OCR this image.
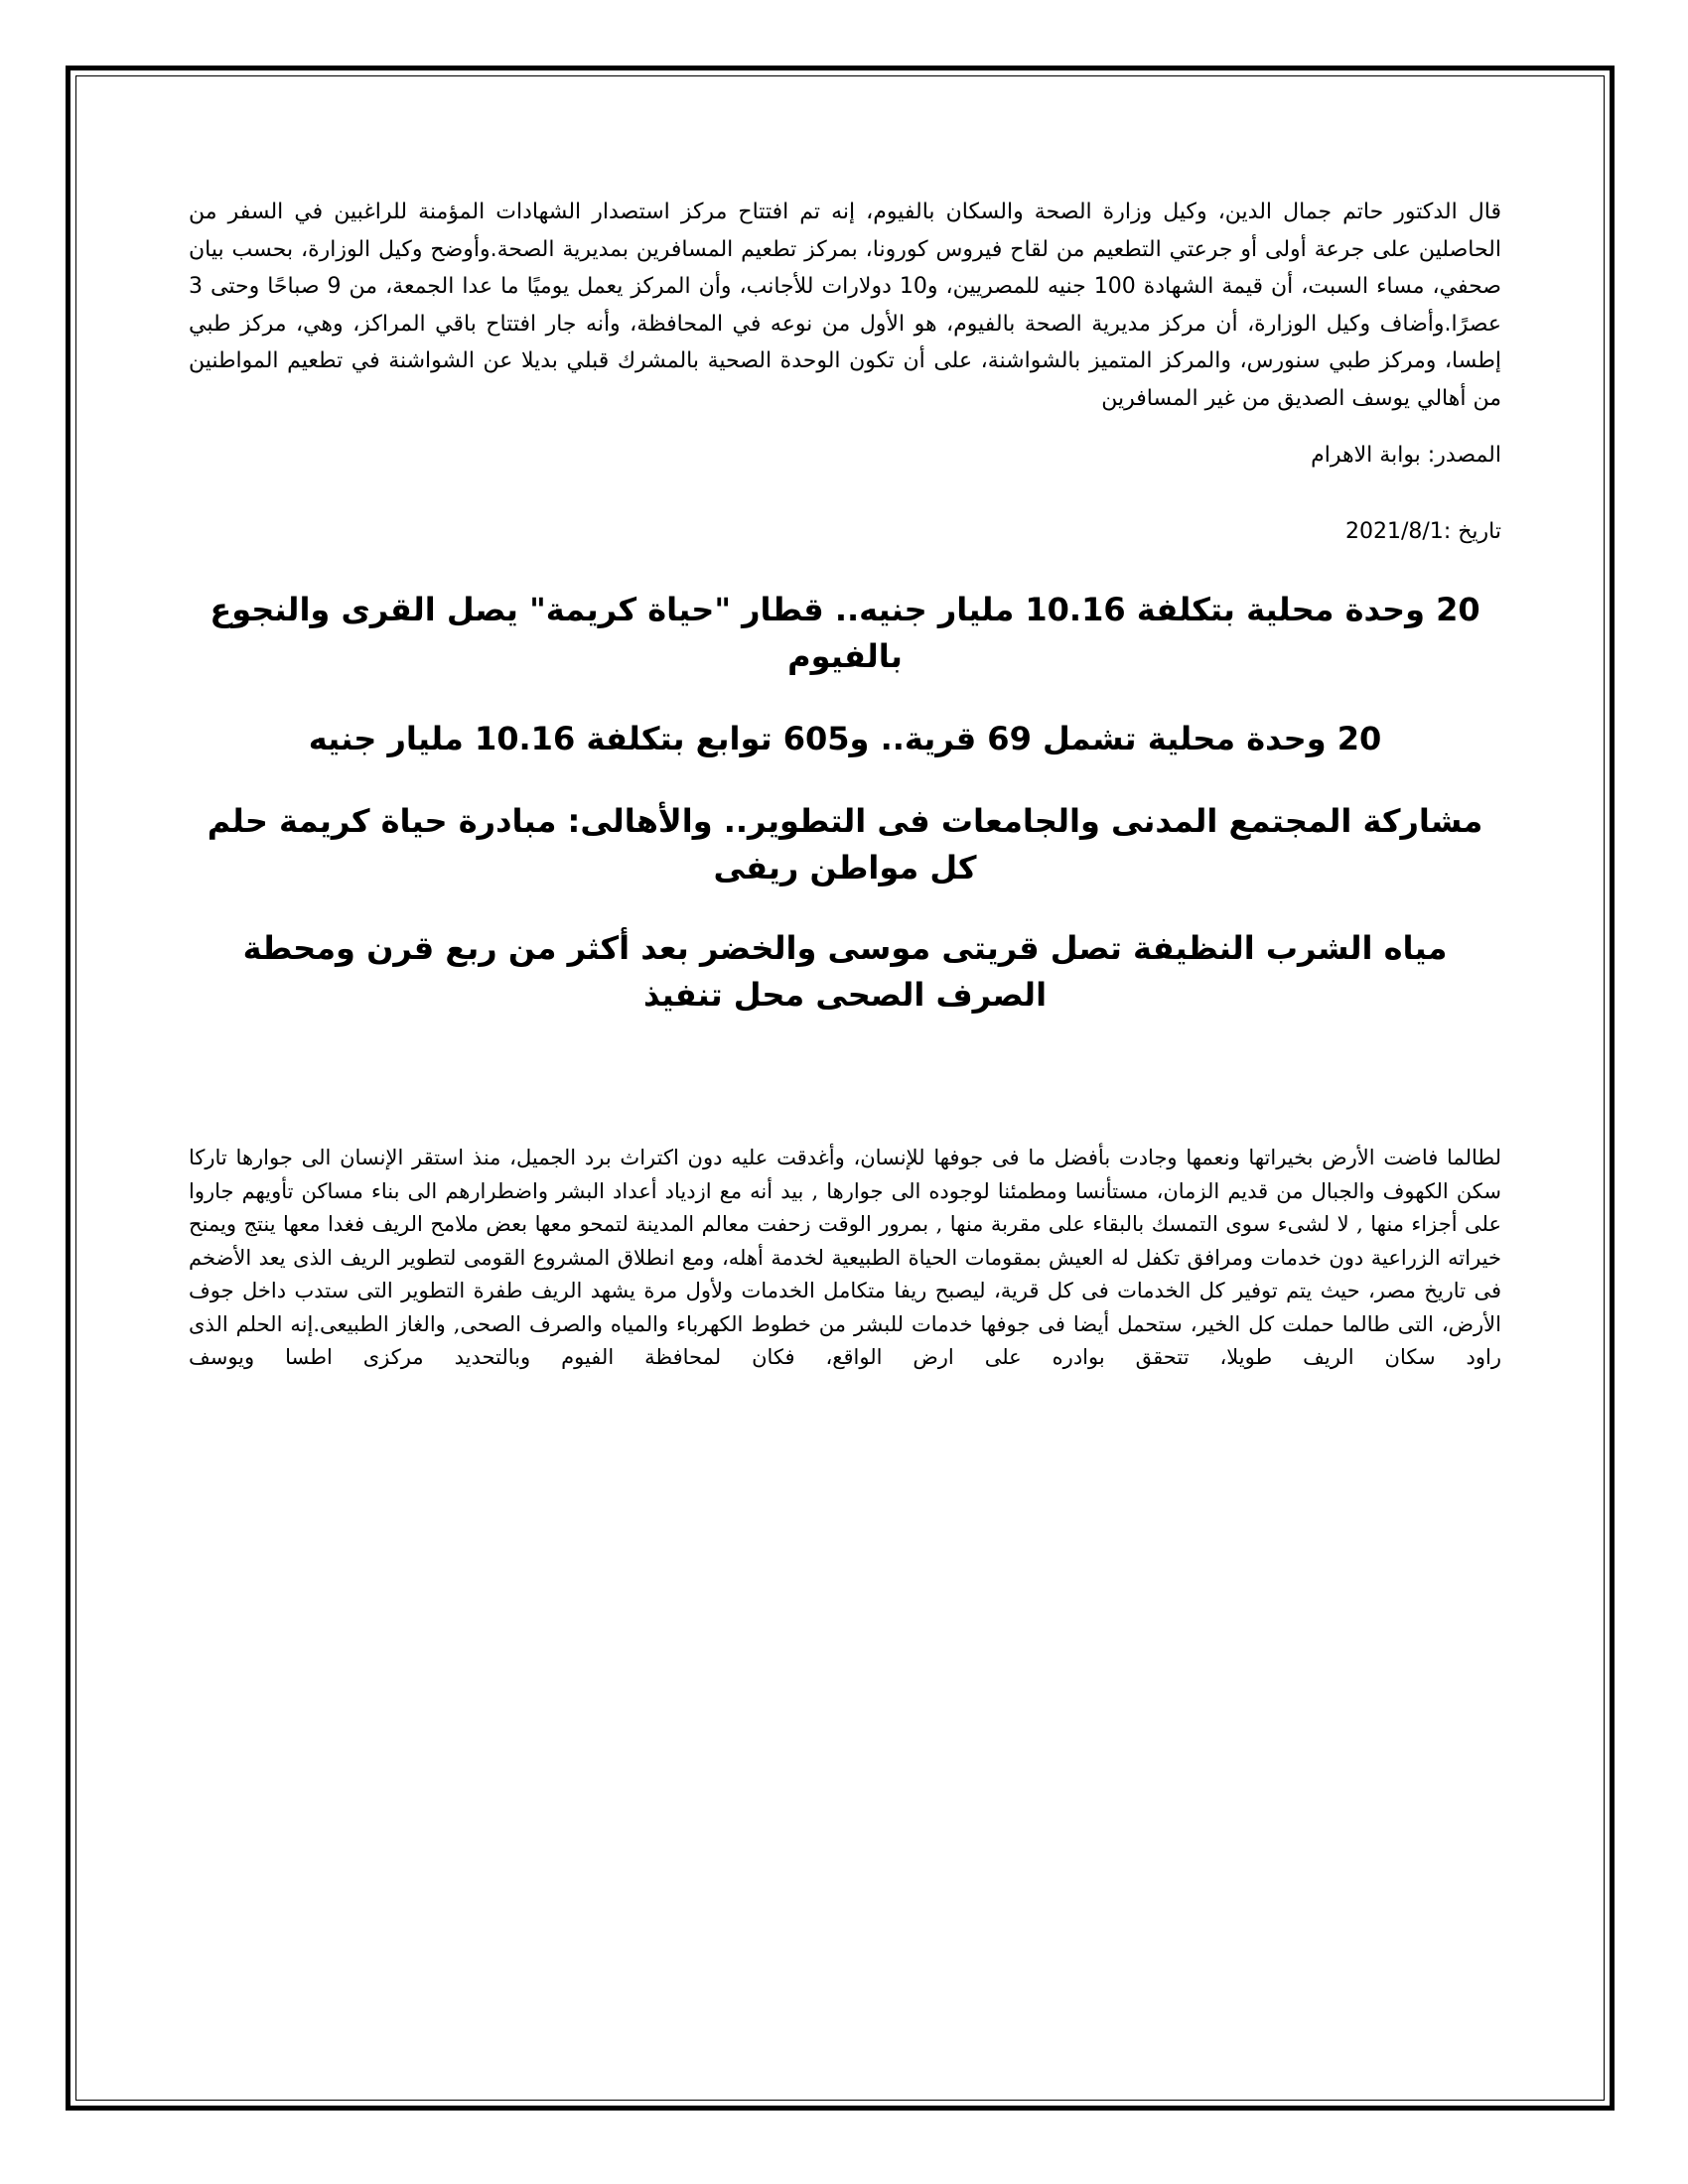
قال الدكتور حاتم جمال الدين، وكيل وزارة الصحة والسكان بالفيوم، إنه تم افتتاح مركز استصدار الشهادات المؤمنة للراغبين في السفر من الحاصلين على جرعة أولى أو جرعتي التطعيم من لقاح فيروس كورونا، بمركز تطعيم المسافرين بمديرية الصحة.وأوضح وكيل الوزارة، بحسب بيان صحفي، مساء السبت، أن قيمة الشهادة 100 جنيه للمصريين، و10 دولارات للأجانب، وأن المركز يعمل يوميًا ما عدا الجمعة، من 9 صباحًا وحتى 3 عصرًا.وأضاف وكيل الوزارة، أن مركز مديرية الصحة بالفيوم، هو الأول من نوعه في المحافظة، وأنه جار افتتاح باقي المراكز، وهي، مركز طبي إطسا، ومركز طبي سنورس، والمركز المتميز بالشواشنة، على أن تكون الوحدة الصحية بالمشرك قبلي بديلا عن الشواشنة في تطعيم المواطنين من أهالي يوسف الصديق من غير المسافرين

المصدر: بوابة الاهرام

تاريخ :2021/8/1

20 وحدة محلية بتكلفة 10.16 مليار جنيه.. قطار "حياة كريمة" يصل القرى والنجوع بالفيوم
20 وحدة محلية تشمل 69 قرية.. و605 توابع بتكلفة 10.16 مليار جنيه
مشاركة المجتمع المدنى والجامعات فى التطوير.. والأهالى: مبادرة حياة كريمة حلم كل مواطن ريفى
مياه الشرب النظيفة تصل قريتى موسى والخضر بعد أكثر من ربع قرن ومحطة الصرف الصحى محل تنفيذ

لطالما فاضت الأرض بخيراتها ونعمها وجادت بأفضل ما فى جوفها للإنسان، وأغدقت عليه دون اكتراث برد الجميل، منذ استقر الإنسان الى جوارها تاركا سكن الكهوف والجبال من قديم الزمان، مستأنسا ومطمئنا لوجوده الى جوارها , بيد أنه مع ازدياد أعداد البشر واضطرارهم الى بناء مساكن تأويهم جاروا على أجزاء منها , لا لشىء سوى التمسك بالبقاء على مقربة منها , بمرور الوقت زحفت معالم المدينة لتمحو معها بعض ملامح الريف فغدا معها ينتج ويمنح خيراته الزراعية دون خدمات ومرافق تكفل له العيش بمقومات الحياة الطبيعية لخدمة أهله، ومع انطلاق المشروع القومى لتطوير الريف الذى يعد الأضخم فى تاريخ مصر، حيث يتم توفير كل الخدمات فى كل قرية، ليصبح ريفا متكامل الخدمات ولأول مرة يشهد الريف طفرة التطوير التى ستدب داخل جوف الأرض، التى طالما حملت كل الخير، ستحمل أيضا فى جوفها خدمات للبشر من خطوط الكهرباء والمياه والصرف الصحى, والغاز الطبيعى.إنه الحلم الذى راود سكان الريف طويلا، تتحقق بوادره على ارض الواقع، فكان لمحافظة الفيوم وبالتحديد مركزى اطسا ويوسف
